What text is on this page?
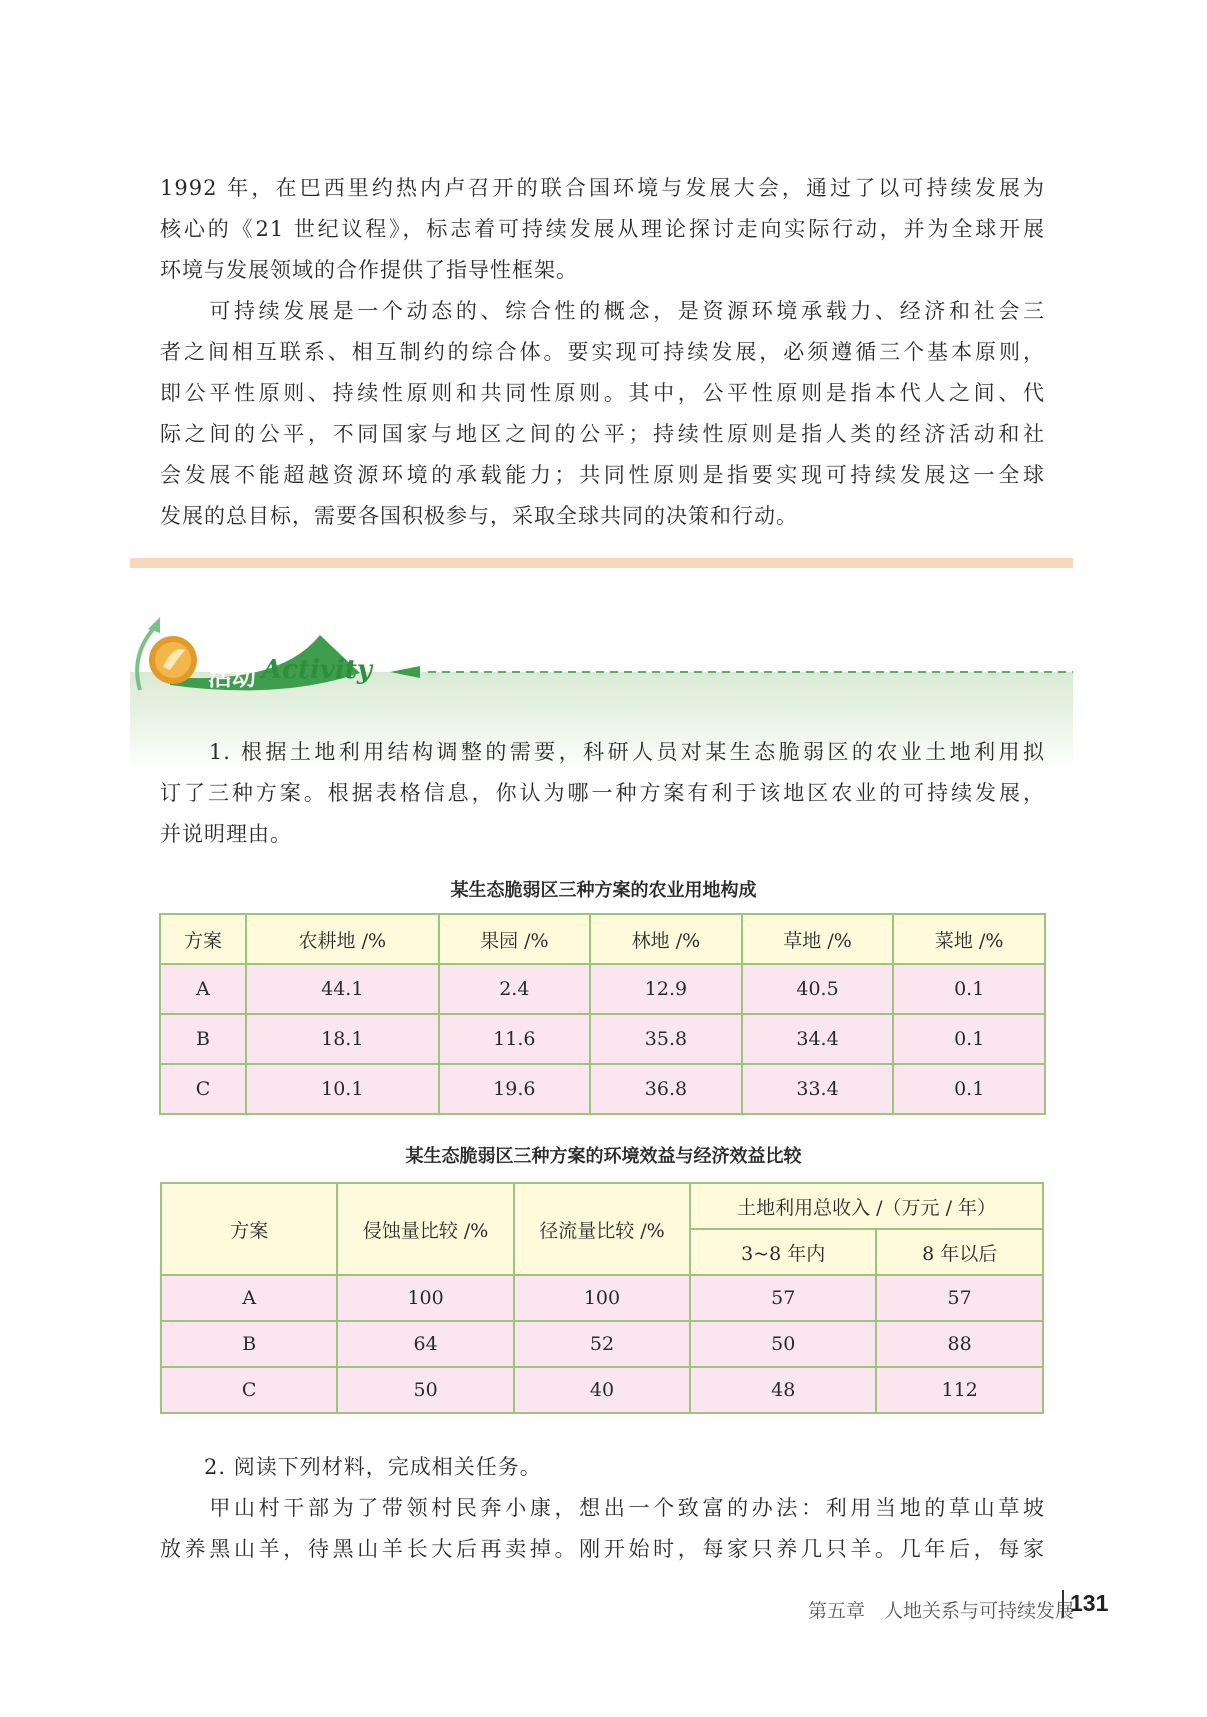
1992 年，在巴西里约热内卢召开的联合国环境与发展大会，通过了以可持续发展为
核心的《21 世纪议程》，标志着可持续发展从理论探讨走向实际行动，并为全球开展
环境与发展领域的合作提供了指导性框架。
　　可持续发展是一个动态的、综合性的概念，是资源环境承载力、经济和社会三
者之间相互联系、相互制约的综合体。要实现可持续发展，必须遵循三个基本原则，
即公平性原则、持续性原则和共同性原则。其中，公平性原则是指本代人之间、代
际之间的公平，不同国家与地区之间的公平；持续性原则是指人类的经济活动和社
会发展不能超越资源环境的承载能力；共同性原则是指要实现可持续发展这一全球
发展的总目标，需要各国积极参与，采取全球共同的决策和行动。
活动 Activity
　　1. 根据土地利用结构调整的需要，科研人员对某生态脆弱区的农业土地利用拟
订了三种方案。根据表格信息，你认为哪一种方案有利于该地区农业的可持续发展，
并说明理由。
某生态脆弱区三种方案的农业用地构成
方案	农耕地 /%	果园 /%	林地 /%	草地 /%	菜地 /%
A	44.1	2.4	12.9	40.5	0.1
B	18.1	11.6	35.8	34.4	0.1
C	10.1	19.6	36.8	33.4	0.1
某生态脆弱区三种方案的环境效益与经济效益比较
方案	侵蚀量比较 /%	径流量比较 /%	土地利用总收入 /（万元 / 年）	
			3~8 年内	8 年以后
A	100	100	57	57
B	64	52	50	88
C	50	40	48	112
　　2. 阅读下列材料，完成相关任务。
　　甲山村干部为了带领村民奔小康，想出一个致富的办法：利用当地的草山草坡
放养黑山羊，待黑山羊长大后再卖掉。刚开始时，每家只养几只羊。几年后，每家
第五章　人地关系与可持续发展
131
